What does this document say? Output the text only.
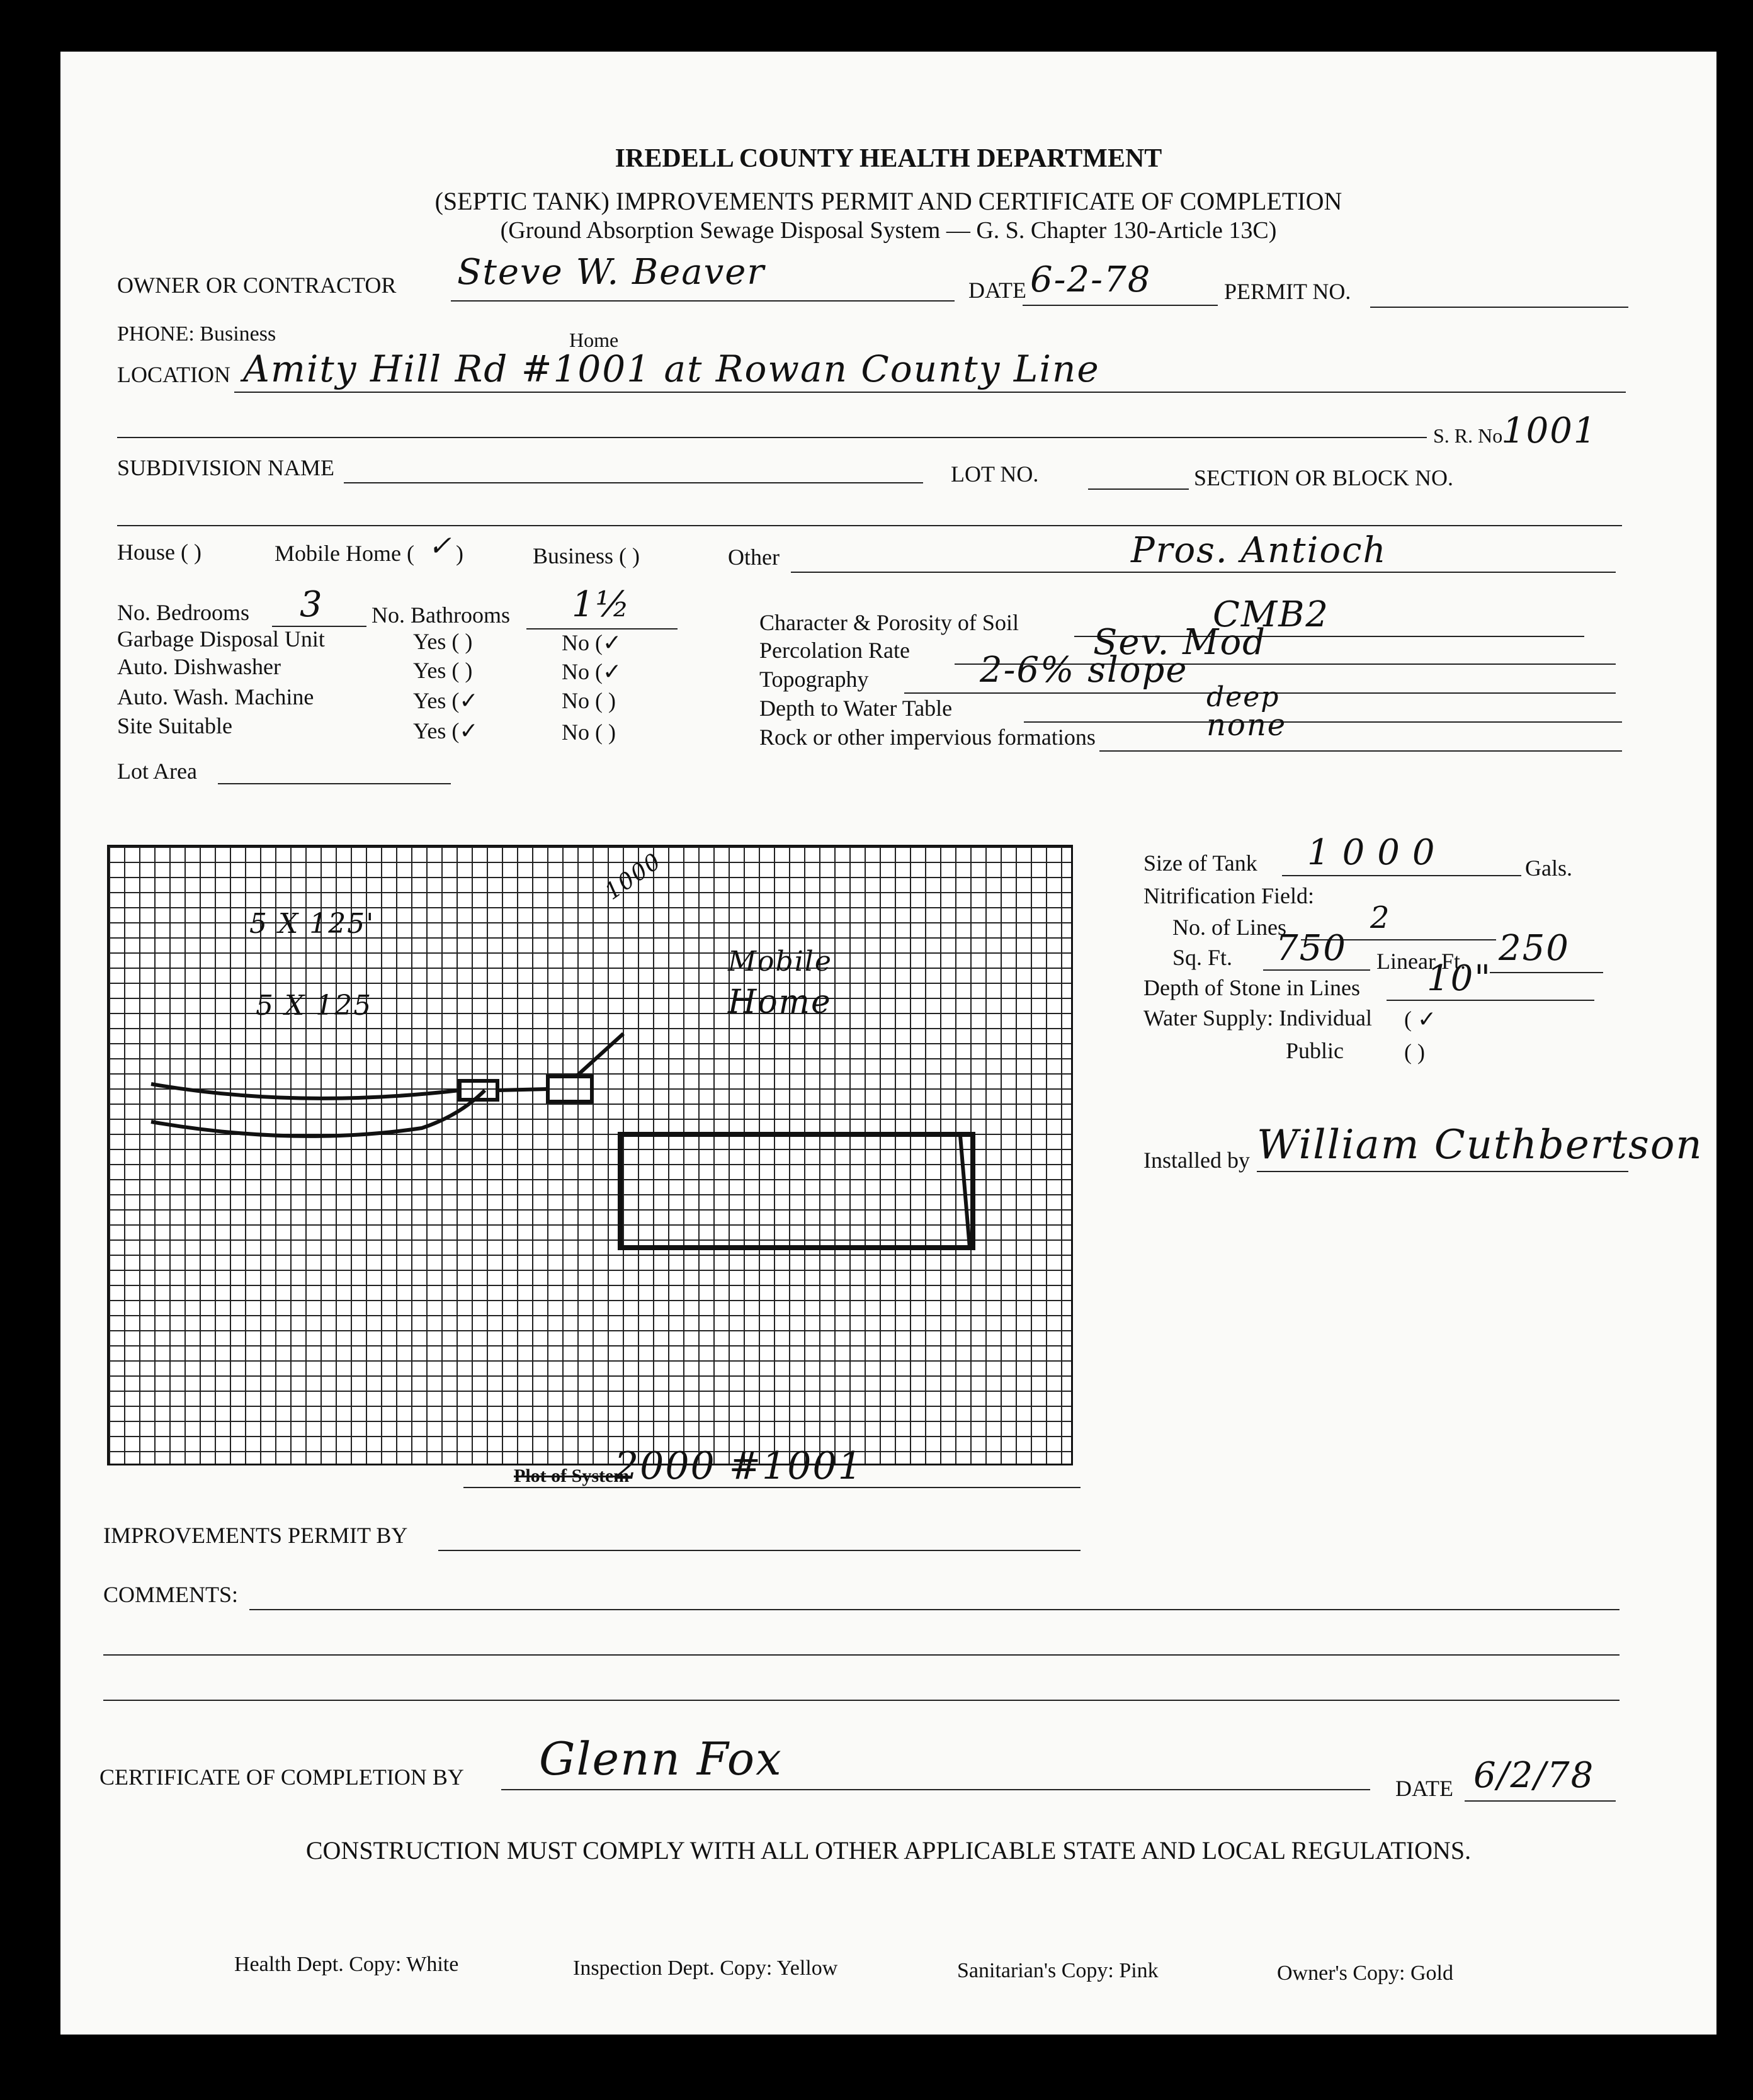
IREDELL COUNTY HEALTH DEPARTMENT
(SEPTIC TANK) IMPROVEMENTS PERMIT AND CERTIFICATE OF COMPLETION
(Ground Absorption Sewage Disposal System — G. S. Chapter 130-Article 13C)
OWNER OR CONTRACTOR Steve W. Beaver	DATE 6-2-78	PERMIT NO.
PHONE: Business	Home
LOCATION Amity Hill Rd #1001 at Rowan County Line
S. R. No.
1001
SUBDIVISION NAME	LOT NO.	SECTION OR BLOCK NO.
House ( )	Mobile Home ( ✓ )	Business ( )	Other	Pros. Antioch
No. Bedrooms 3 No. Bathrooms 1½
Garbage Disposal Unit	Yes ( )	No (✓
Auto. Dishwasher	Yes ( )	No (✓
Auto. Wash. Machine	Yes (✓	No ( )
Site Suitable	Yes (✓	No ( )
Lot Area
Character & Porosity of Soil	CMB2
Percolation Rate	Sev. Mod
Topography	2-6% slope
Depth to Water Table	deep
Rock or other impervious formations	none
5 X 125'
5 X 125
1000
Mobile
Home
Plot of System
2000 #1001
Size of Tank 1000	Gals.
Nitrification Field:
No. of Lines	2
Sq. Ft. 750 Linear Ft. 250
Depth of Stone in Lines 10"
Water Supply: Individual ( ✓
Public	( )
Installed by William Cuthbertson
IMPROVEMENTS PERMIT BY
COMMENTS:
CERTIFICATE OF COMPLETION BY Glenn Fox
DATE 6/2/78
CONSTRUCTION MUST COMPLY WITH ALL OTHER APPLICABLE STATE AND LOCAL REGULATIONS.
Health Dept. Copy: White	Inspection Dept. Copy: Yellow	Sanitarian's Copy: Pink	Owner's Copy: Gold
